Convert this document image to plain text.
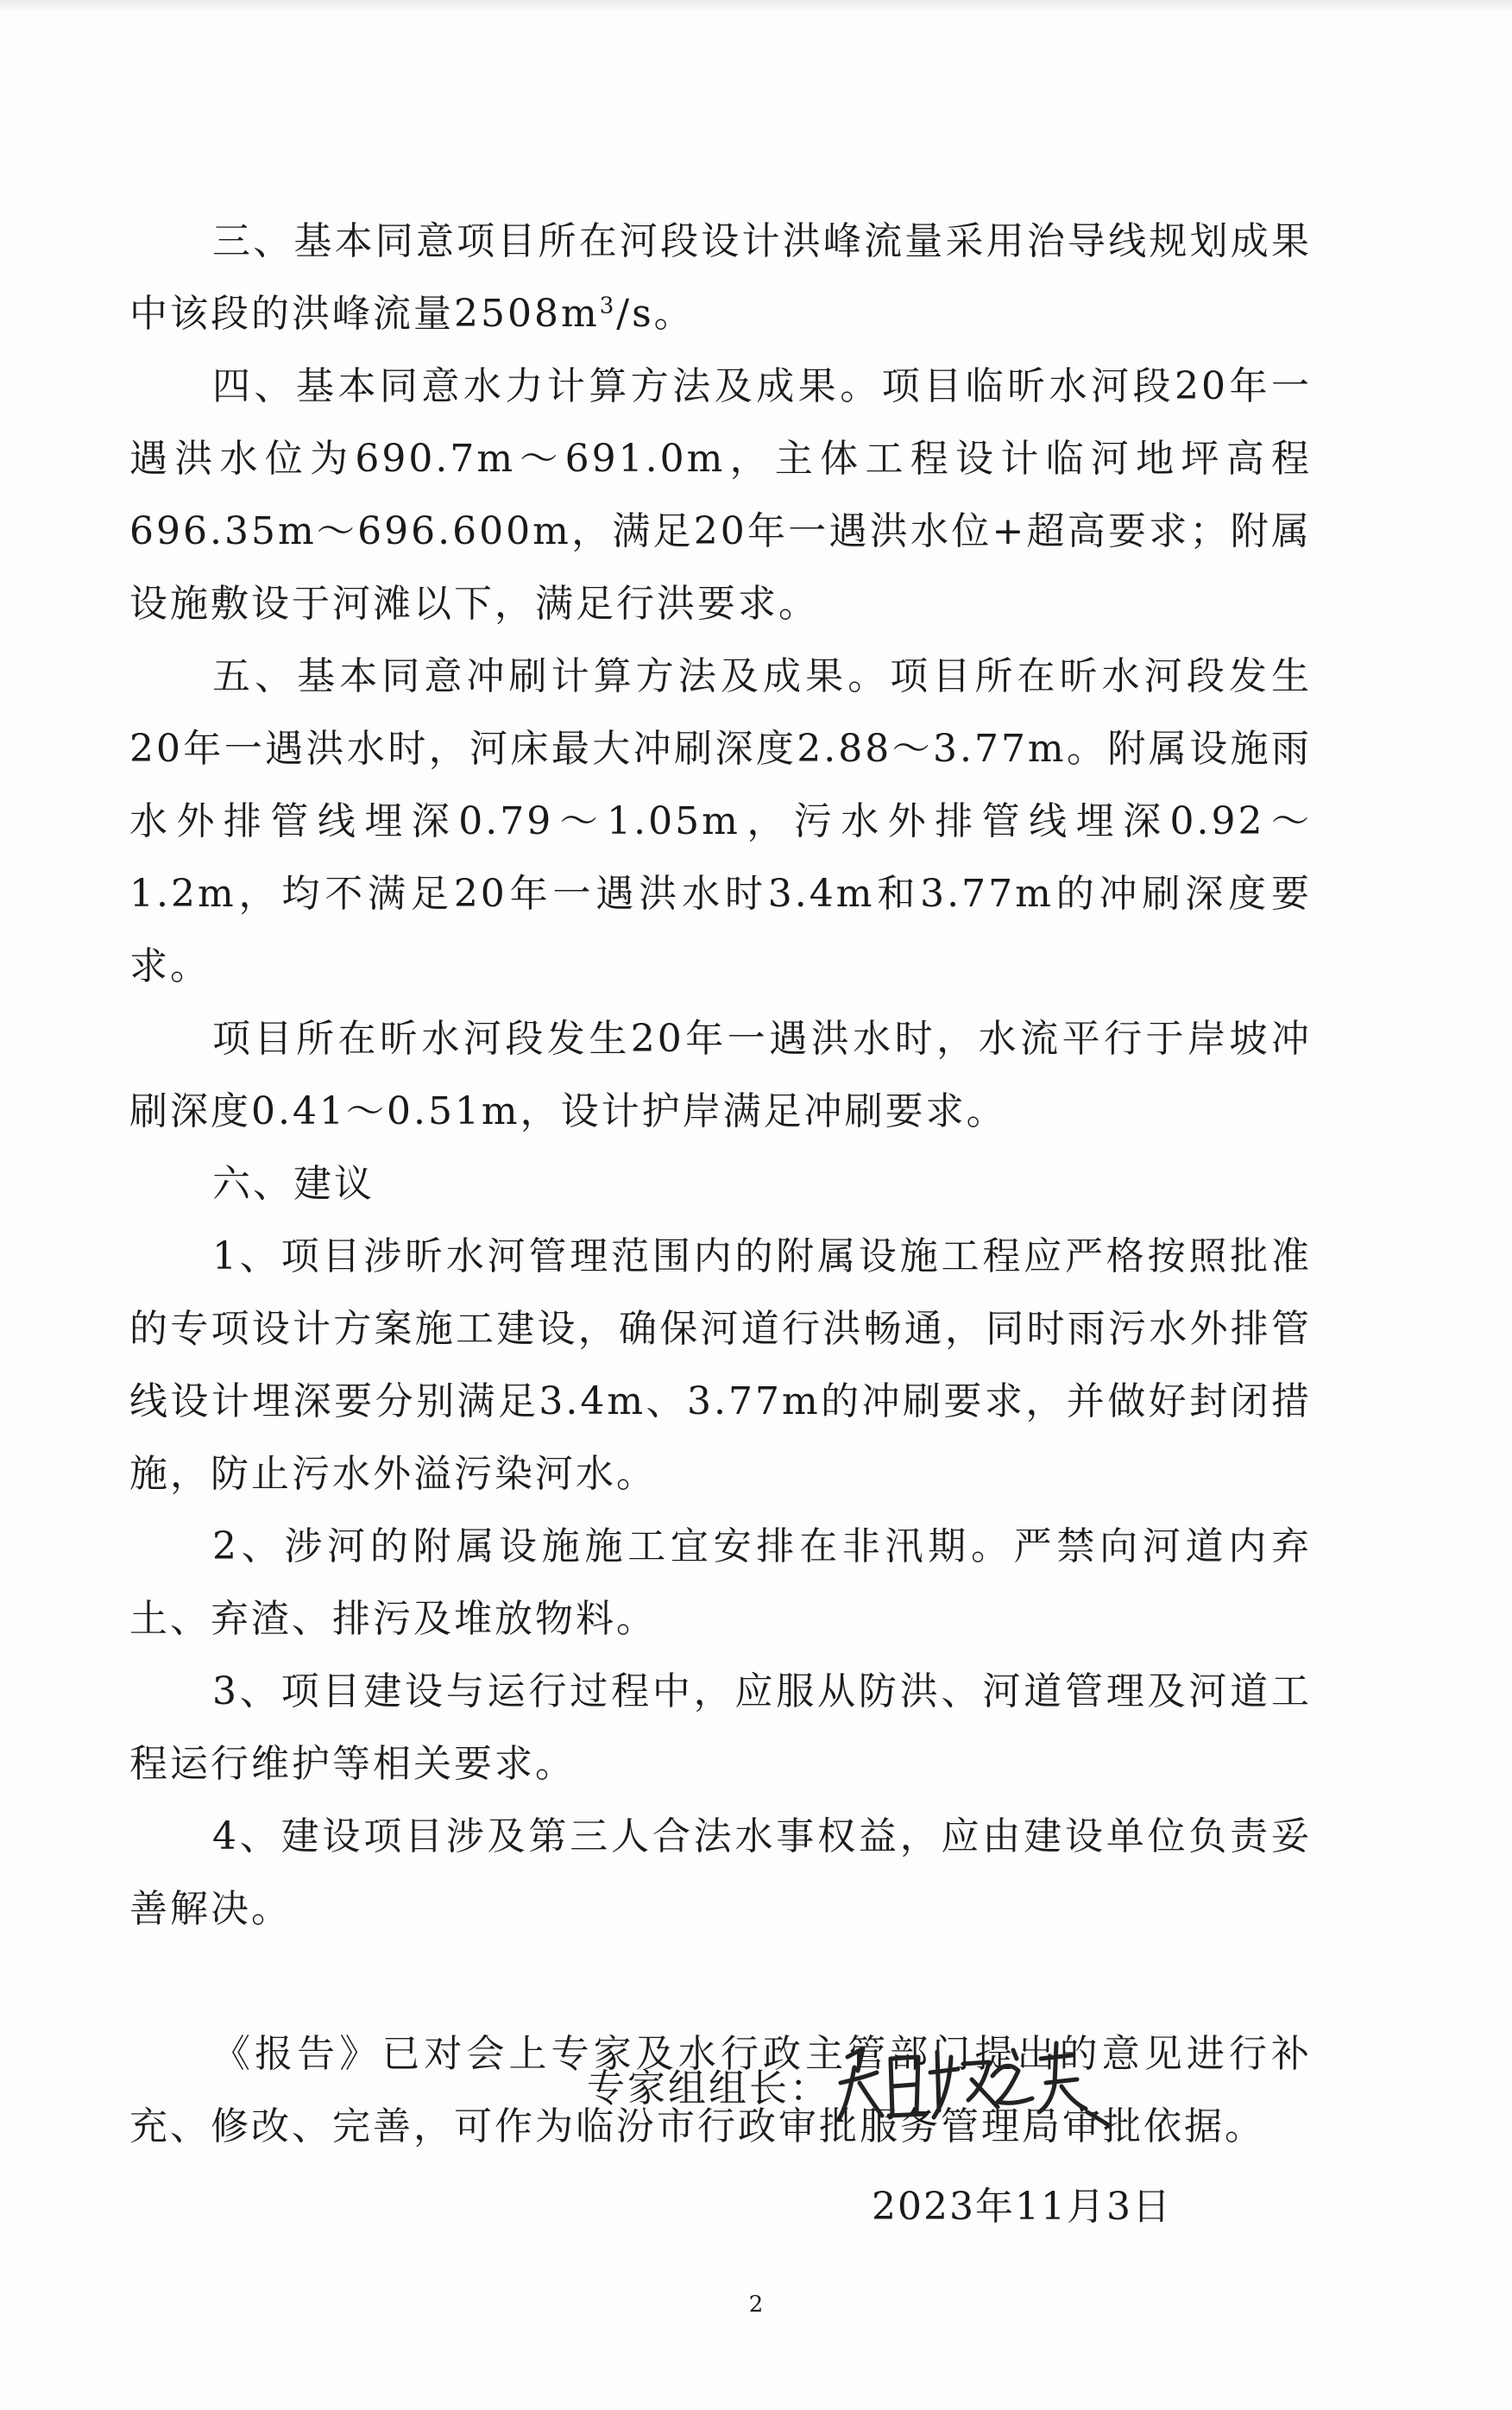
三、基本同意项目所在河段设计洪峰流量采用治导线规划成果中该段的洪峰流量$2508m^3/s$。

四、基本同意水力计算方法及成果。项目临昕水河段20年一遇洪水位为690.7m～691.0m，主体工程设计临河地坪高程696.35m～696.600m，满足20年一遇洪水位+超高要求；附属设施敷设于河滩以下，满足行洪要求。

五、基本同意冲刷计算方法及成果。项目所在昕水河段发生20年一遇洪水时，河床最大冲刷深度2.88～3.77m。附属设施雨水外排管线埋深0.79～1.05m，污水外排管线埋深0.92～1.2m，均不满足20年一遇洪水时3.4m和3.77m的冲刷深度要求。

项目所在昕水河段发生20年一遇洪水时，水流平行于岸坡冲刷深度0.41～0.51m，设计护岸满足冲刷要求。

六、建议

1、项目涉昕水河管理范围内的附属设施工程应严格按照批准的专项设计方案施工建设，确保河道行洪畅通，同时雨污水外排管线设计埋深要分别满足3.4m、3.77m的冲刷要求，并做好封闭措施，防止污水外溢污染河水。

2、涉河的附属设施施工宜安排在非汛期。严禁向河道内弃土、弃渣、排污及堆放物料。

3、项目建设与运行过程中，应服从防洪、河道管理及河道工程运行维护等相关要求。

4、建设项目涉及第三人合法水事权益，应由建设单位负责妥善解决。

《报告》已对会上专家及水行政主管部门提出的意见进行补充、修改、完善，可作为临汾市行政审批服务管理局审批依据。

专家组组长：
2023年11月3日
2
